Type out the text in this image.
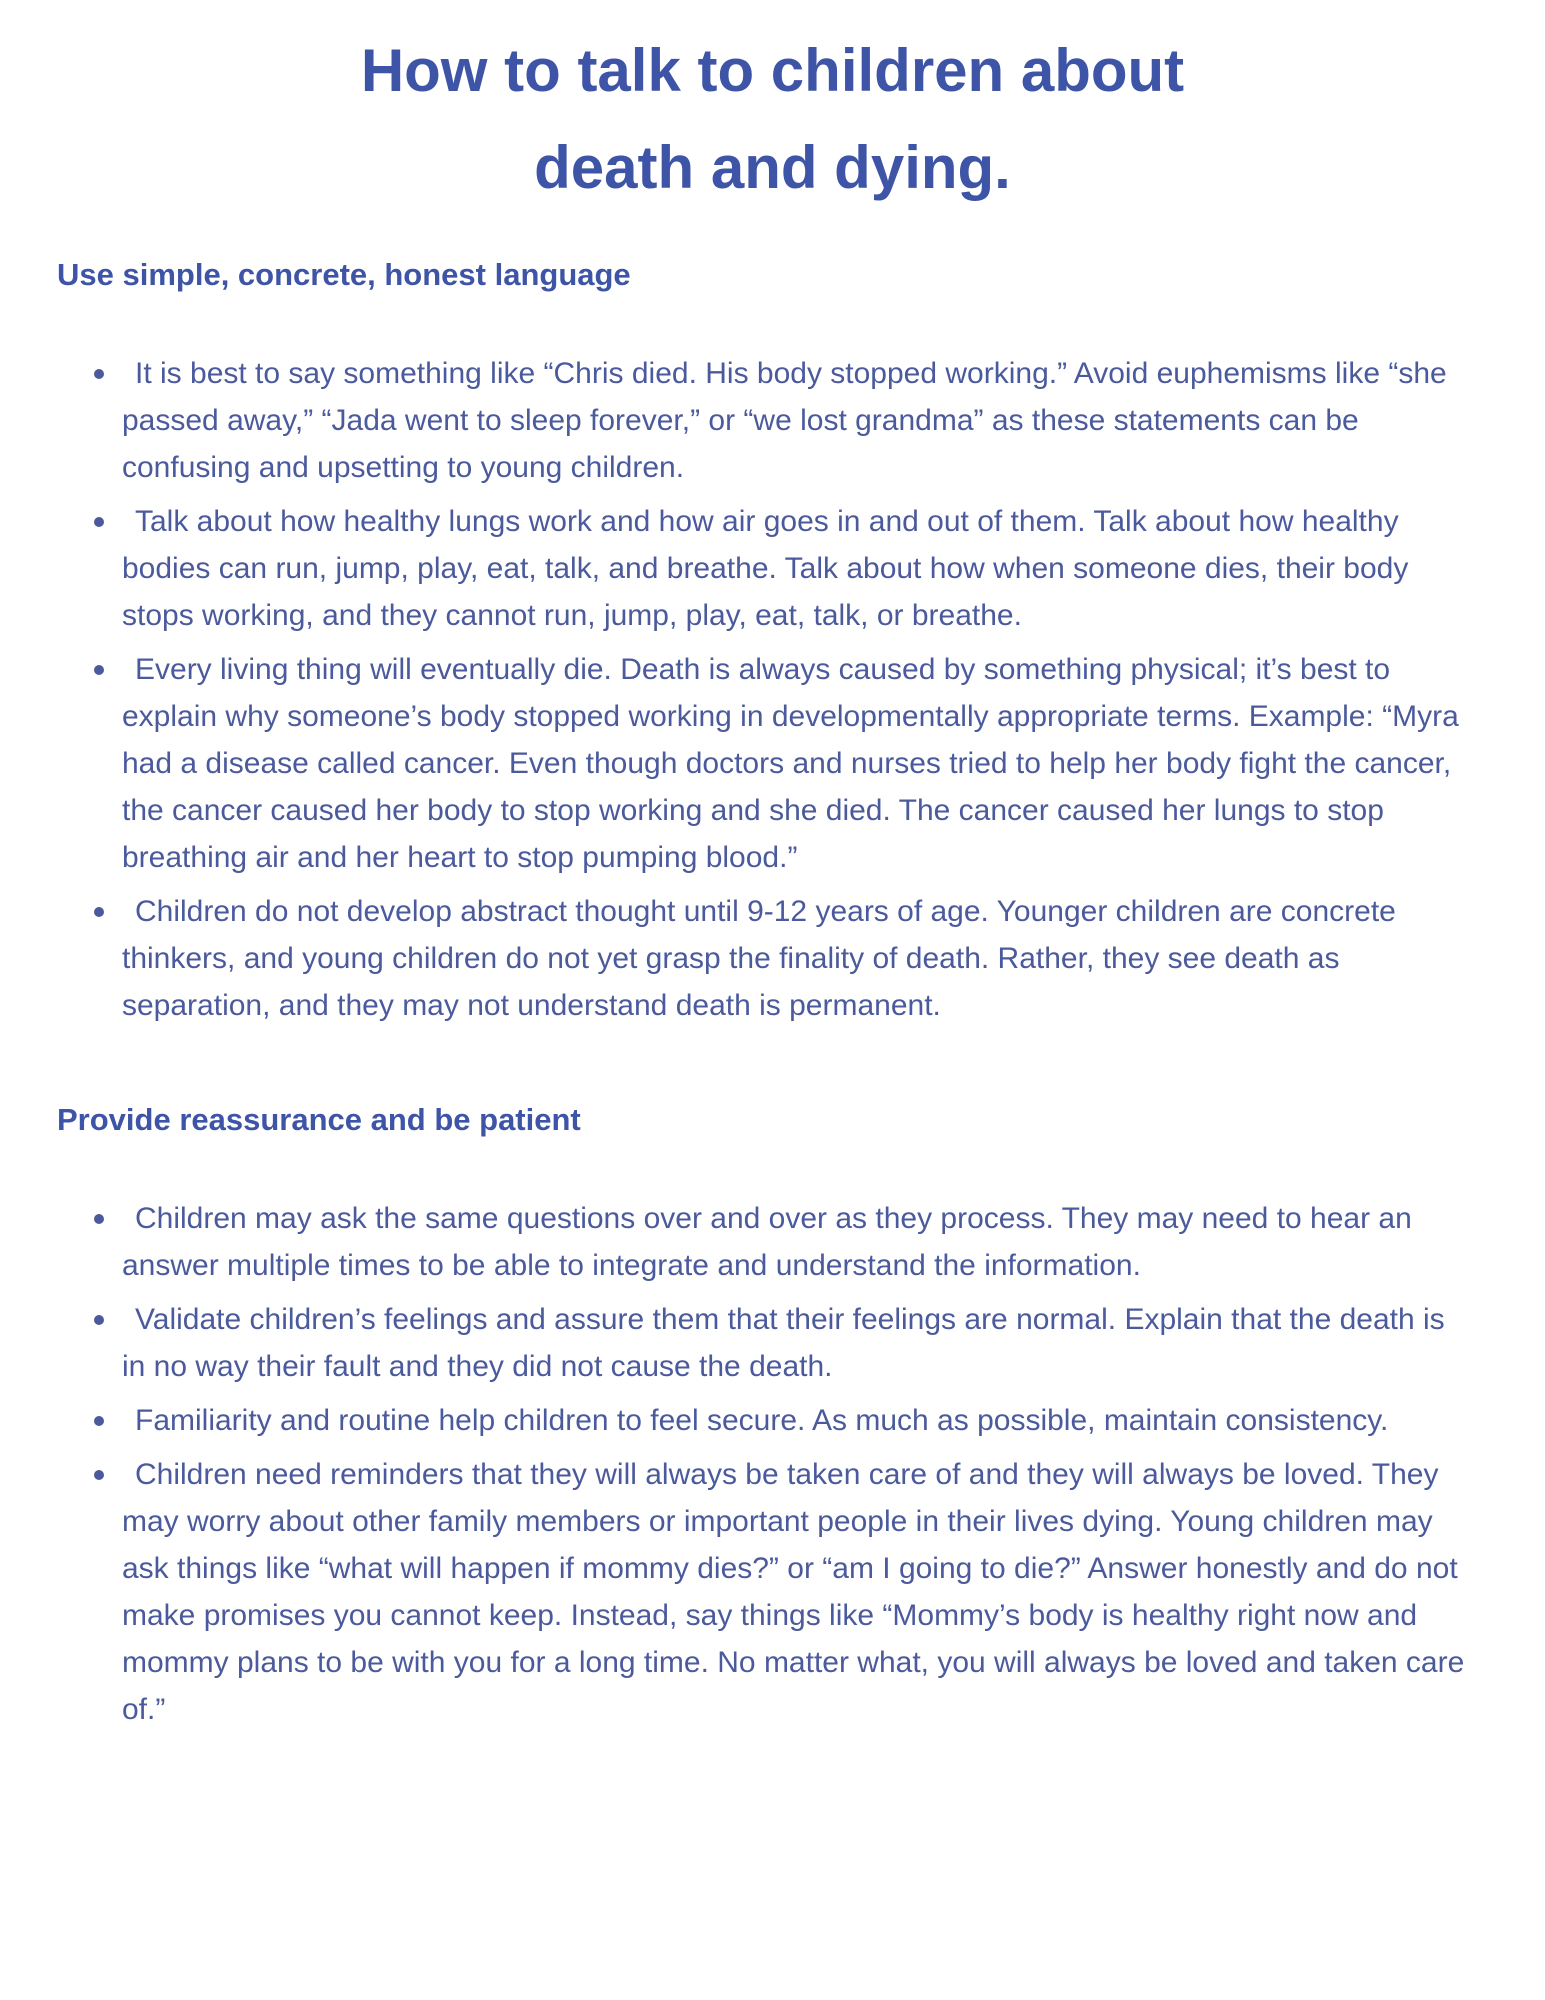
How to talk to children about
death and dying.
Use simple, concrete, honest language
It is best to say something like “Chris died. His body stopped working.” Avoid euphemisms like “she passed away,” “Jada went to sleep forever,” or “we lost grandma” as these statements can be confusing and upsetting to young children.
Talk about how healthy lungs work and how air goes in and out of them. Talk about how healthy bodies can run, jump, play, eat, talk, and breathe. Talk about how when someone dies, their body stops working, and they cannot run, jump, play, eat, talk, or breathe.
Every living thing will eventually die. Death is always caused by something physical; it’s best to explain why someone’s body stopped working in developmentally appropriate terms. Example: “Myra had a disease called cancer. Even though doctors and nurses tried to help her body fight the cancer, the cancer caused her body to stop working and she died. The cancer caused her lungs to stop breathing air and her heart to stop pumping blood.”
Children do not develop abstract thought until 9-12 years of age. Younger children are concrete thinkers, and young children do not yet grasp the finality of death. Rather, they see death as separation, and they may not understand death is permanent.
Provide reassurance and be patient
Children may ask the same questions over and over as they process. They may need to hear an answer multiple times to be able to integrate and understand the information.
Validate children’s feelings and assure them that their feelings are normal. Explain that the death is in no way their fault and they did not cause the death.
Familiarity and routine help children to feel secure. As much as possible, maintain consistency.
Children need reminders that they will always be taken care of and they will always be loved. They may worry about other family members or important people in their lives dying. Young children may ask things like “what will happen if mommy dies?” or “am I going to die?” Answer honestly and do not make promises you cannot keep. Instead, say things like “Mommy’s body is healthy right now and mommy plans to be with you for a long time. No matter what, you will always be loved and taken care of.”
